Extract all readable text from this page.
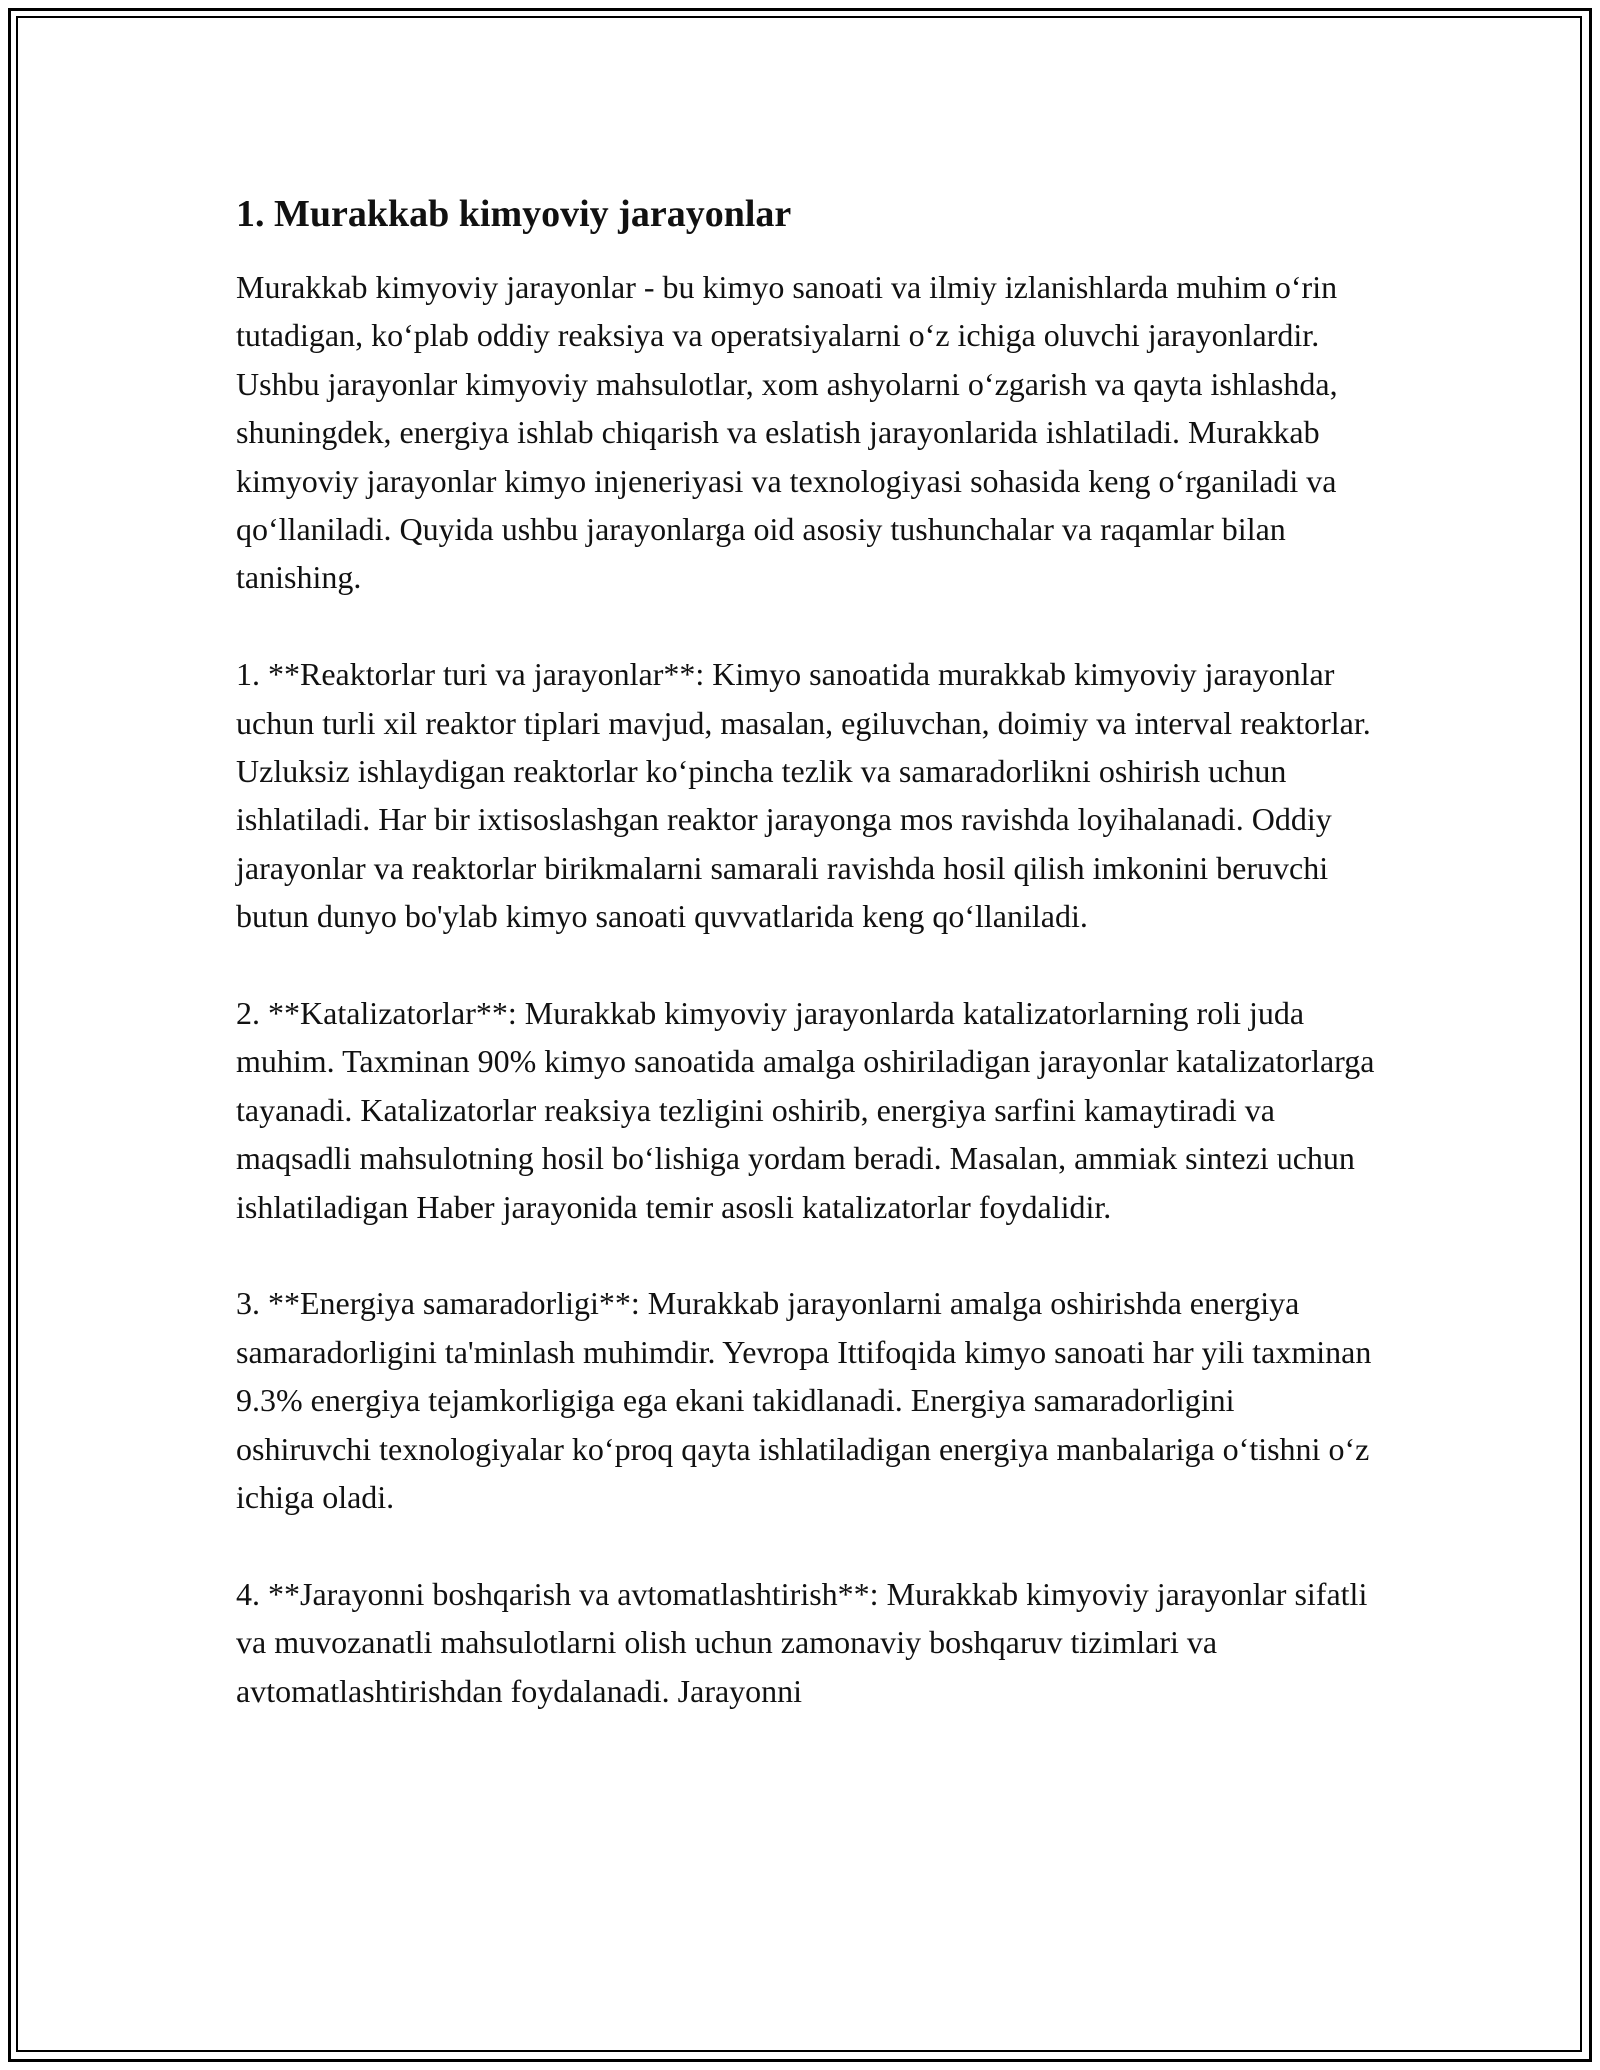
1. Murakkab kimyoviy jarayonlar

Murakkab kimyoviy jarayonlar - bu kimyo sanoati va ilmiy izlanishlarda muhim o‘rin tutadigan, ko‘plab oddiy reaksiya va operatsiyalarni o‘z ichiga oluvchi jarayonlardir. Ushbu jarayonlar kimyoviy mahsulotlar, xom ashyolarni o‘zgarish va qayta ishlashda, shuningdek, energiya ishlab chiqarish va eslatish jarayonlarida ishlatiladi. Murakkab kimyoviy jarayonlar kimyo injeneriyasi va texnologiyasi sohasida keng o‘rganiladi va qo‘llaniladi. Quyida ushbu jarayonlarga oid asosiy tushunchalar va raqamlar bilan tanishing.

1. **Reaktorlar turi va jarayonlar**: Kimyo sanoatida murakkab kimyoviy jarayonlar uchun turli xil reaktor tiplari mavjud, masalan, egiluvchan, doimiy va interval reaktorlar. Uzluksiz ishlaydigan reaktorlar ko‘pincha tezlik va samaradorlikni oshirish uchun ishlatiladi. Har bir ixtisoslashgan reaktor jarayonga mos ravishda loyihalanadi. Oddiy jarayonlar va reaktorlar birikmalarni samarali ravishda hosil qilish imkonini beruvchi butun dunyo bo'ylab kimyo sanoati quvvatlarida keng qo‘llaniladi.

2. **Katalizatorlar**: Murakkab kimyoviy jarayonlarda katalizatorlarning roli juda muhim. Taxminan 90% kimyo sanoatida amalga oshiriladigan jarayonlar katalizatorlarga tayanadi. Katalizatorlar reaksiya tezligini oshirib, energiya sarfini kamaytiradi va maqsadli mahsulotning hosil bo‘lishiga yordam beradi. Masalan, ammiak sintezi uchun ishlatiladigan Haber jarayonida temir asosli katalizatorlar foydalidir.

3. **Energiya samaradorligi**: Murakkab jarayonlarni amalga oshirishda energiya samaradorligini ta'minlash muhimdir. Yevropa Ittifoqida kimyo sanoati har yili taxminan 9.3% energiya tejamkorligiga ega ekani takidlanadi. Energiya samaradorligini oshiruvchi texnologiyalar ko‘proq qayta ishlatiladigan energiya manbalariga o‘tishni o‘z ichiga oladi.

4. **Jarayonni boshqarish va avtomatlashtirish**: Murakkab kimyoviy jarayonlar sifatli va muvozanatli mahsulotlarni olish uchun zamonaviy boshqaruv tizimlari va avtomatlashtirishdan foydalanadi. Jarayonni
